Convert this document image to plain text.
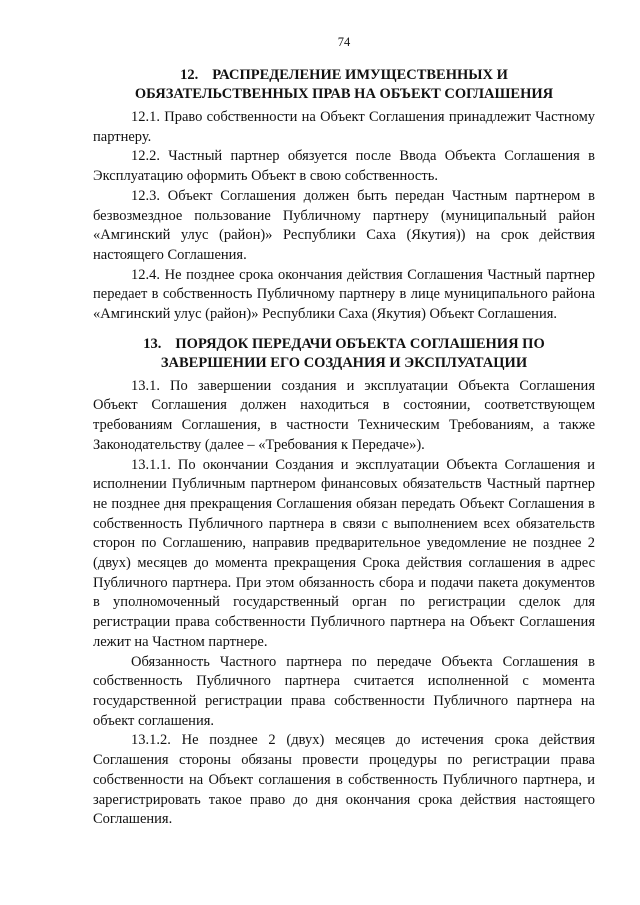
74
12. РАСПРЕДЕЛЕНИЕ ИМУЩЕСТВЕННЫХ И
ОБЯЗАТЕЛЬСТВЕННЫХ ПРАВ НА ОБЪЕКТ СОГЛАШЕНИЯ

12.1. Право собственности на Объект Соглашения принадлежит Частному партнеру.

12.2. Частный партнер обязуется после Ввода Объекта Соглашения в Эксплуатацию оформить Объект в свою собственность.

12.3. Объект Соглашения должен быть передан Частным партнером в безвозмездное пользование Публичному партнеру (муниципальный район «Амгинский улус (район)» Республики Саха (Якутия)) на срок действия настоящего Соглашения.

12.4. Не позднее срока окончания действия Соглашения Частный партнер передает в собственность Публичному партнеру в лице муниципального района «Амгинский улус (район)» Республики Саха (Якутия) Объект Соглашения.

13. ПОРЯДОК ПЕРЕДАЧИ ОБЪЕКТА СОГЛАШЕНИЯ ПО
ЗАВЕРШЕНИИ ЕГО СОЗДАНИЯ И ЭКСПЛУАТАЦИИ

13.1. По завершении создания и эксплуатации Объекта Соглашения Объект Соглашения должен находиться в состоянии, соответствующем требованиям Соглашения, в частности Техническим Требованиям, а также Законодательству (далее – «Требования к Передаче»).

13.1.1. По окончании Создания и эксплуатации Объекта Соглашения и исполнении Публичным партнером финансовых обязательств Частный партнер не позднее дня прекращения Соглашения обязан передать Объект Соглашения в собственность Публичного партнера в связи с выполнением всех обязательств сторон по Соглашению, направив предварительное уведомление не позднее 2 (двух) месяцев до момента прекращения Срока действия соглашения в адрес Публичного партнера. При этом обязанность сбора и подачи пакета документов в уполномоченный государственный орган по регистрации сделок для регистрации права собственности Публичного партнера на Объект Соглашения лежит на Частном партнере.

Обязанность Частного партнера по передаче Объекта Соглашения в собственность Публичного партнера считается исполненной с момента государственной регистрации права собственности Публичного партнера на объект соглашения.

13.1.2. Не позднее 2 (двух) месяцев до истечения срока действия Соглашения стороны обязаны провести процедуры по регистрации права собственности на Объект соглашения в собственность Публичного партнера, и зарегистрировать такое право до дня окончания срока действия настоящего Соглашения.
